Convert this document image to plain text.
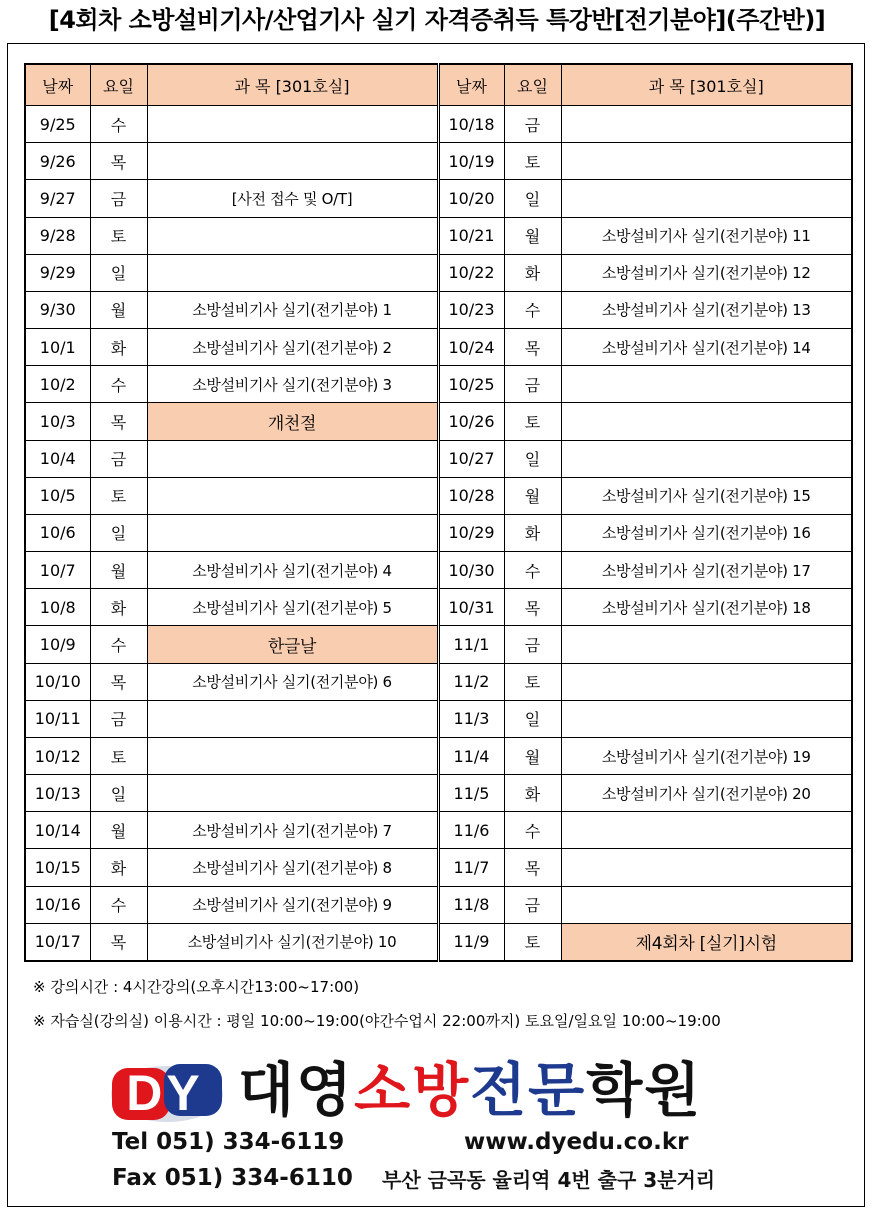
[4회차 소방설비기사/산업기사 실기 자격증취득 특강반[전기분야](주간반)]
날짜	요일	과 목 [301호실]	날짜	요일	과 목 [301호실]
9/25	수		10/18	금	
9/26	목		10/19	토	
9/27	금	[사전 접수 및 O/T]	10/20	일	
9/28	토		10/21	월	소방설비기사 실기(전기분야) 11
9/29	일		10/22	화	소방설비기사 실기(전기분야) 12
9/30	월	소방설비기사 실기(전기분야) 1	10/23	수	소방설비기사 실기(전기분야) 13
10/1	화	소방설비기사 실기(전기분야) 2	10/24	목	소방설비기사 실기(전기분야) 14
10/2	수	소방설비기사 실기(전기분야) 3	10/25	금	
10/3	목	개천절	10/26	토	
10/4	금		10/27	일	
10/5	토		10/28	월	소방설비기사 실기(전기분야) 15
10/6	일		10/29	화	소방설비기사 실기(전기분야) 16
10/7	월	소방설비기사 실기(전기분야) 4	10/30	수	소방설비기사 실기(전기분야) 17
10/8	화	소방설비기사 실기(전기분야) 5	10/31	목	소방설비기사 실기(전기분야) 18
10/9	수	한글날	11/1	금	
10/10	목	소방설비기사 실기(전기분야) 6	11/2	토	
10/11	금		11/3	일	
10/12	토		11/4	월	소방설비기사 실기(전기분야) 19
10/13	일		11/5	화	소방설비기사 실기(전기분야) 20
10/14	월	소방설비기사 실기(전기분야) 7	11/6	수	
10/15	화	소방설비기사 실기(전기분야) 8	11/7	목	
10/16	수	소방설비기사 실기(전기분야) 9	11/8	금	
10/17	목	소방설비기사 실기(전기분야) 10	11/9	토	제4회차 [실기]시험
※ 강의시간 : 4시간강의(오후시간13:00~17:00)
※ 자습실(강의실) 이용시간 : 평일 10:00~19:00(야간수업시 22:00까지) 토요일/일요일 10:00~19:00
DY 대영소방전문학원
Tel 051) 334-6119	www.dyedu.co.kr
Fax 051) 334-6110 부산 금곡동 율리역 4번 출구 3분거리
